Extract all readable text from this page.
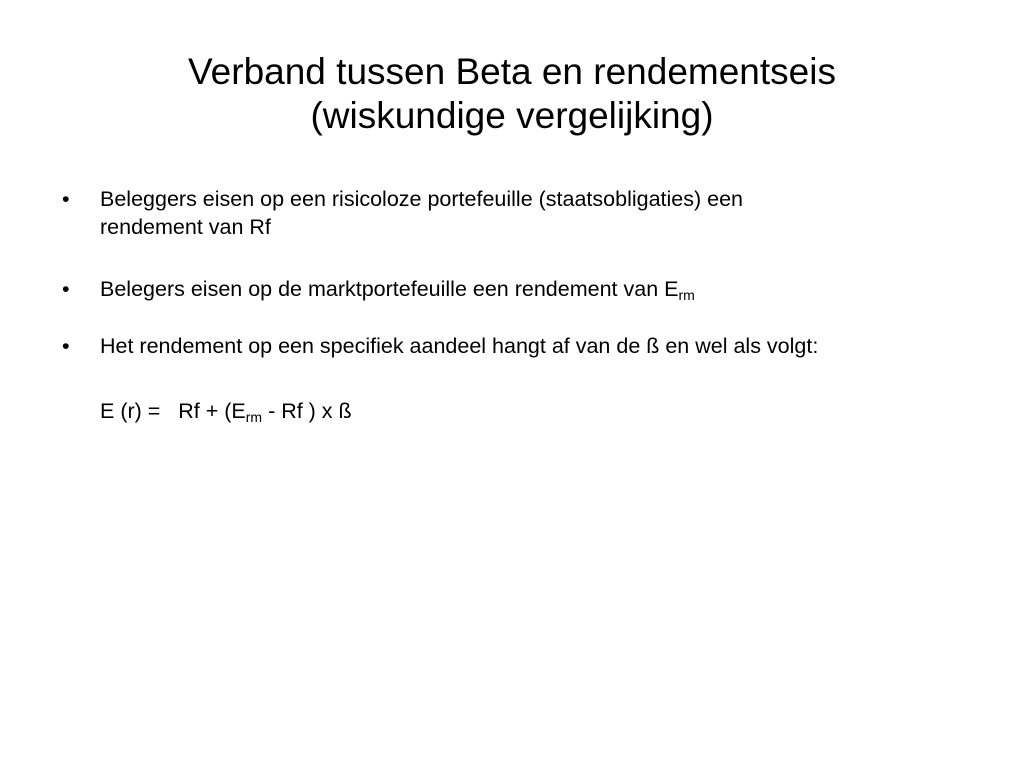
Verband tussen Beta en rendementseis
(wiskundige vergelijking)
•	Beleggers eisen op een risicoloze portefeuille (staatsobligaties) een
rendement van Rf
•	Belegers eisen op de marktportefeuille een rendement van $E_{rm}$
•	Het rendement op een specifiek aandeel hangt af van de ß en wel als volgt:
E $(r) = Rf + (E_{rm} - Rf$ ) x ß
